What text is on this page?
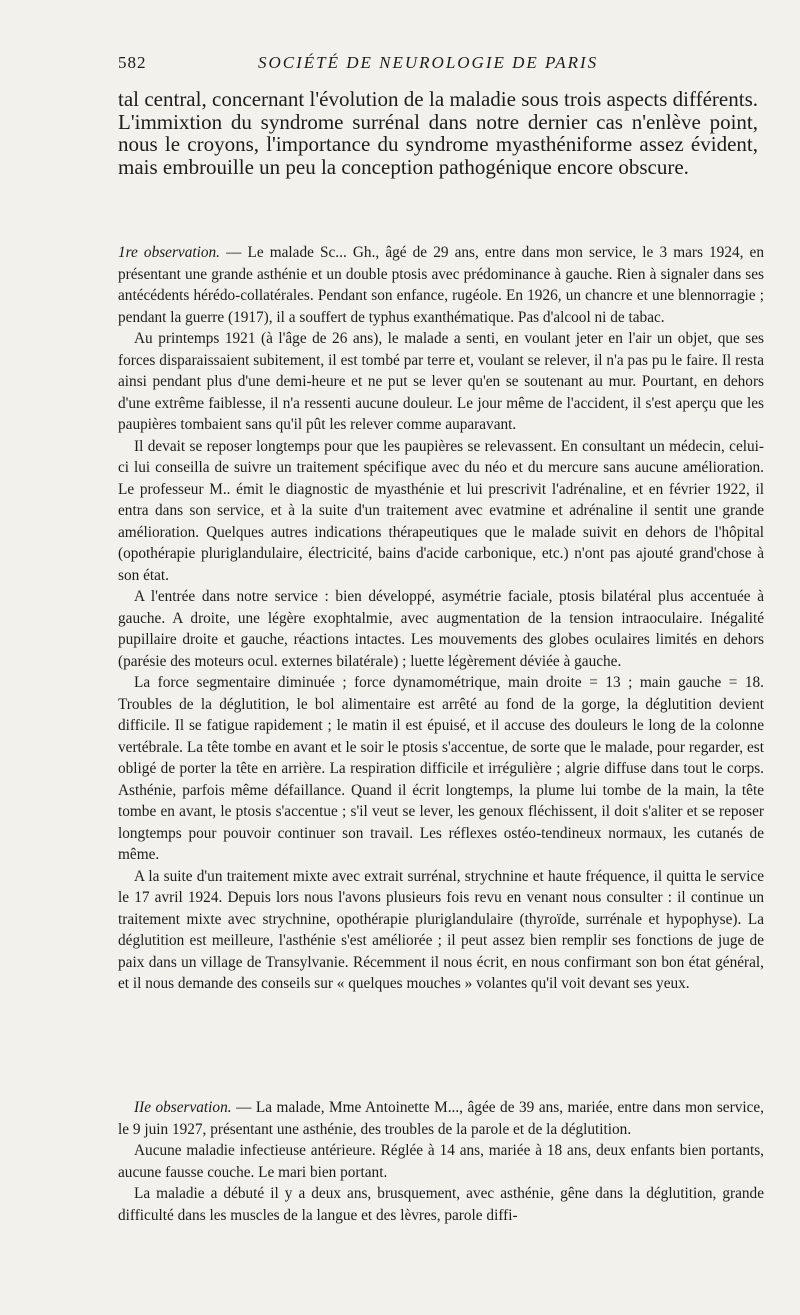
582	SOCIÉTÉ DE NEUROLOGIE DE PARIS

tal central, concernant l'évolution de la maladie sous trois aspects différents. L'immixtion du syndrome surrénal dans notre dernier cas n'enlève point, nous le croyons, l'importance du syndrome myasthéniforme assez évident, mais embrouille un peu la conception pathogénique encore obscure.

1re observation. — Le malade Sc... Gh., âgé de 29 ans, entre dans mon service, le 3 mars 1924, en présentant une grande asthénie et un double ptosis avec prédominance à gauche. Rien à signaler dans ses antécédents hérédo-collatérales. Pendant son enfance, rugéole. En 1926, un chancre et une blennorragie ; pendant la guerre (1917), il a souffert de typhus exanthématique. Pas d'alcool ni de tabac.

Au printemps 1921 (à l'âge de 26 ans), le malade a senti, en voulant jeter en l'air un objet, que ses forces disparaissaient subitement, il est tombé par terre et, voulant se relever, il n'a pas pu le faire. Il resta ainsi pendant plus d'une demi-heure et ne put se lever qu'en se soutenant au mur. Pourtant, en dehors d'une extrême faiblesse, il n'a ressenti aucune douleur. Le jour même de l'accident, il s'est aperçu que les paupières tombaient sans qu'il pût les relever comme auparavant.

Il devait se reposer longtemps pour que les paupières se relevassent. En consultant un médecin, celui-ci lui conseilla de suivre un traitement spécifique avec du néo et du mercure sans aucune amélioration. Le professeur M.. émit le diagnostic de myasthénie et lui prescrivit l'adrénaline, et en février 1922, il entra dans son service, et à la suite d'un traitement avec evatmine et adrénaline il sentit une grande amélioration. Quelques autres indications thérapeutiques que le malade suivit en dehors de l'hôpital (opothérapie pluriglandulaire, électricité, bains d'acide carbonique, etc.) n'ont pas ajouté grand'chose à son état.

A l'entrée dans notre service : bien développé, asymétrie faciale, ptosis bilatéral plus accentuée à gauche. A droite, une légère exophtalmie, avec augmentation de la tension intraoculaire. Inégalité pupillaire droite et gauche, réactions intactes. Les mouvements des globes oculaires limités en dehors (parésie des moteurs ocul. externes bilatérale) ; luette légèrement déviée à gauche.

La force segmentaire diminuée ; force dynamométrique, main droite = 13 ; main gauche = 18. Troubles de la déglutition, le bol alimentaire est arrêté au fond de la gorge, la déglutition devient difficile. Il se fatigue rapidement ; le matin il est épuisé, et il accuse des douleurs le long de la colonne vertébrale. La tête tombe en avant et le soir le ptosis s'accentue, de sorte que le malade, pour regarder, est obligé de porter la tête en arrière. La respiration difficile et irrégulière ; algrie diffuse dans tout le corps. Asthénie, parfois même défaillance. Quand il écrit longtemps, la plume lui tombe de la main, la tête tombe en avant, le ptosis s'accentue ; s'il veut se lever, les genoux fléchissent, il doit s'aliter et se reposer longtemps pour pouvoir continuer son travail. Les réflexes ostéo-tendineux normaux, les cutanés de même.

A la suite d'un traitement mixte avec extrait surrénal, strychnine et haute fréquence, il quitta le service le 17 avril 1924. Depuis lors nous l'avons plusieurs fois revu en venant nous consulter : il continue un traitement mixte avec strychnine, opothérapie pluriglandulaire (thyroïde, surrénale et hypophyse). La déglutition est meilleure, l'asthénie s'est améliorée ; il peut assez bien remplir ses fonctions de juge de paix dans un village de Transylvanie. Récemment il nous écrit, en nous confirmant son bon état général, et il nous demande des conseils sur « quelques mouches » volantes qu'il voit devant ses yeux.

IIe observation. — La malade, Mme Antoinette M..., âgée de 39 ans, mariée, entre dans mon service, le 9 juin 1927, présentant une asthénie, des troubles de la parole et de la déglutition.

Aucune maladie infectieuse antérieure. Réglée à 14 ans, mariée à 18 ans, deux enfants bien portants, aucune fausse couche. Le mari bien portant.

La maladie a débuté il y a deux ans, brusquement, avec asthénie, gêne dans la déglutition, grande difficulté dans les muscles de la langue et des lèvres, parole diffi-
